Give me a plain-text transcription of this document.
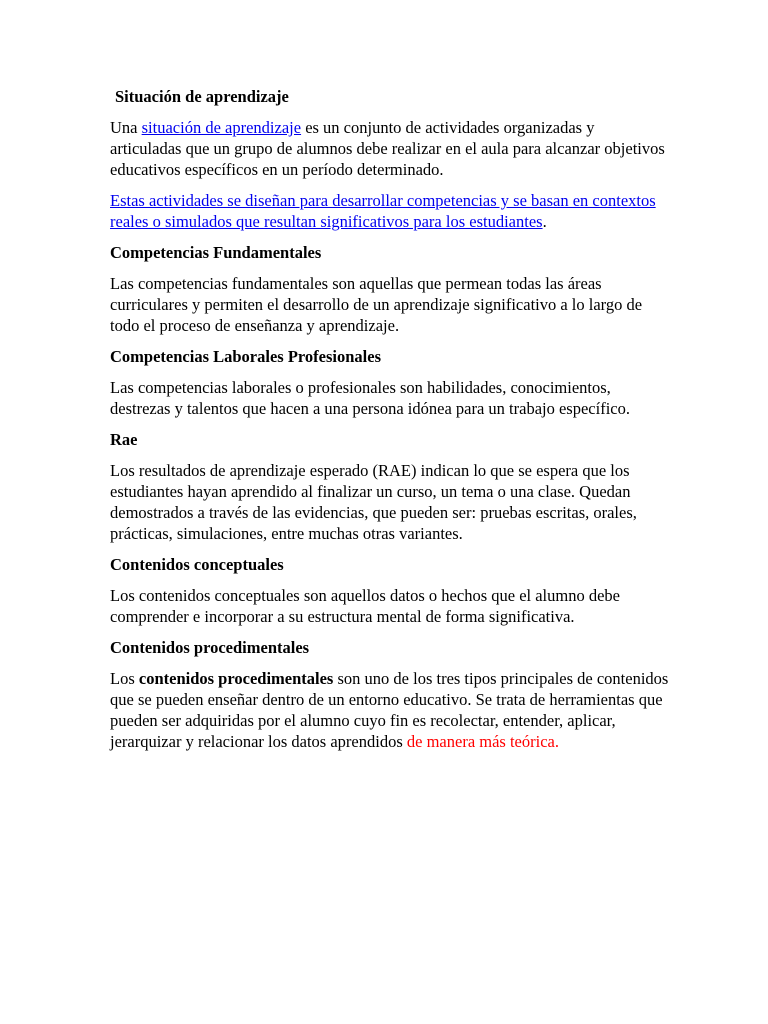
Situación de aprendizaje

Una situación de aprendizaje es un conjunto de actividades organizadas y articuladas que un grupo de alumnos debe realizar en el aula para alcanzar objetivos educativos específicos en un período determinado.

Estas actividades se diseñan para desarrollar competencias y se basan en contextos reales o simulados que resultan significativos para los estudiantes.

Competencias Fundamentales

Las competencias fundamentales son aquellas que permean todas las áreas curriculares y permiten el desarrollo de un aprendizaje significativo a lo largo de todo el proceso de enseñanza y aprendizaje.

Competencias Laborales Profesionales

Las competencias laborales o profesionales son habilidades, conocimientos, destrezas y talentos que hacen a una persona idónea para un trabajo específico.

Rae

Los resultados de aprendizaje esperado (RAE) indican lo que se espera que los estudiantes hayan aprendido al finalizar un curso, un tema o una clase. Quedan demostrados a través de las evidencias, que pueden ser: pruebas escritas, orales, prácticas, simulaciones, entre muchas otras variantes.

Contenidos conceptuales

Los contenidos conceptuales son aquellos datos o hechos que el alumno debe comprender e incorporar a su estructura mental de forma significativa.

Contenidos procedimentales

Los contenidos procedimentales son uno de los tres tipos principales de contenidos que se pueden enseñar dentro de un entorno educativo. Se trata de herramientas que pueden ser adquiridas por el alumno cuyo fin es recolectar, entender, aplicar, jerarquizar y relacionar los datos aprendidos de manera más teórica.
